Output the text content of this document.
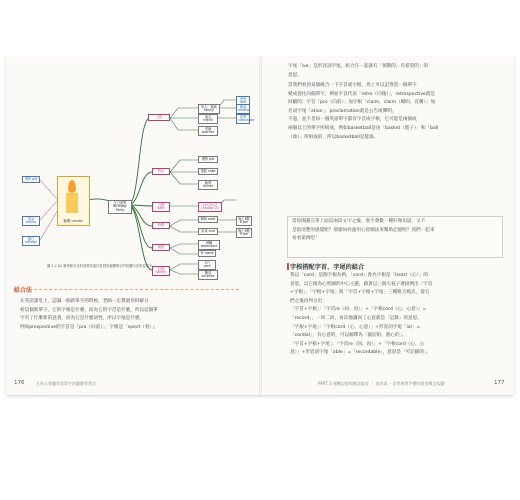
蠟燭 candle
生日派對 Birthday Party
人物
物品
日期 date
時間
地點
其他 others
家人・親戚 family
朋友 friend
老師 teacher
爸爸 dad
親戚 relative
同學 classmate
禮物 gift
蛋糕 cake
晚餐 dinner
10月21日 October 21
開始 start
結束 end
晚上6點 6 pm
晚上9點 9 pm
餐廳 restaurant
家 home
卡片 card
驚喜 surprise
禮物 gift
電話 phone
節日 holiday
圖 2-7-02 範例使用目的就要知道你要寫的蠟燭單字的相關內容學習單字
組合法
在英語課堂上，認識一個新單字的時候，老師一定教過你拆解分
析這個新單字。它的字根是什麼，而為它的字首是什麼，所以這個單
字有了什麼新的意義，而為它是什麼詞性，所以字尾是什麼。
例如prospective的字首是「pro（向前）」，字根是「spect（看）」，
字尾「ive」是形容詞字尾，組合在一起就有「預期的、有希望的」的
意思。
當我們看到某個組合一下字首或字根，馬上可以記得當一個單字
變成從往向個單字，例如字首代表「retro（向後）」，retrospective就是
回顧的；字首「pro（向前）」加字根「claim、claim（喊叫、宣稱）」加
名詞字尾「ation」，proclamation就是公告或聲明。
不過，並不是每一個英語單字都有字首或字根，它可能是兩個或
兩個以上的單字所組成，例如basketball是由「basket（籃子）」和「ball
（球）」所組成的，所以basketball是籃球。
當你閱讀完單上面這兩段文字之後，會不會數一種好像知道，又不
是很清楚的感覺呢？那麼如何運用心智圖法來幫助記憶呢？我們一起來
看看案例吧！
字根搭配字首、字尾的組合
我以「cord」這個字根為例，「cord」會為字根是「heart（心）」的
意思，以它做為心智圖的中心主題，藉著以三個大枝子連接例出「字首
+字根」、「字根+字尾」與「字首+字根+字尾」三種組合模式，從它
們之後再列分出：
「字首+字根」：「字首re（回、再）」+「字根cord（心、心意）」=
「record」，一回二回，再次地讓回了心意就是「記錄」的意思。
「字根+字尾」：「字根cord（心、心意）」+形容詞字尾「ial」=
「cordial」，有心意的，可以解釋為「親切的、熱心的」。
「字首+字根+字尾」：「字首re（回、再）」+「字根cord（心、心
意）」+形容詞字尾「able」=「recordable」，意思是「可記錄的」。
176	五秒心智圖學英單字的圖解學習法	PART 3 運轉記憶與概念組成 ｜ 第四章 一次學會單字體的重要概念規劃	177
